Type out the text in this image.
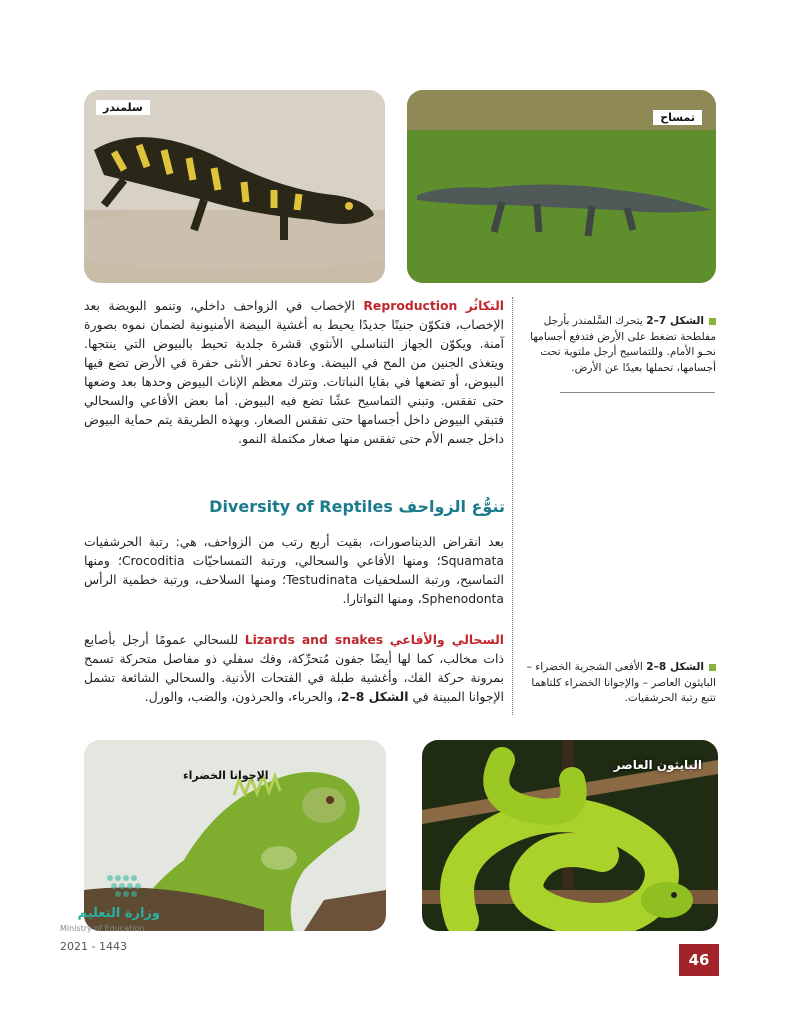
سلمندر
تمساح
الشكل 7–2 يتحرك السَّلمندر بأرجل مفلطحة تضغط على الأرض فتدفع أجسامها نحـو الأمام. وللتماسيح أرجل ملتوية تحت أجسامها، تحملها بعيدًا عن الأرض.

التكاثُر Reproduction الإخصاب في الزواحف داخلي، وتنمو البويضة بعد الإخصاب، فتكوّن جنينًا جديدًا يحيط به أغشية البيضة الأمنيونية لضمان نموه بصورة آمنة. ويكوّن الجهاز التناسلي الأنثوي قشرة جلدية تحيط بالبيوض التي ينتجها. ويتغذى الجنين من المح في البيضة. وعادة تحفر الأنثى حفرة في الأرض تضع فيها البيوض، أو تضعها في بقايا النباتات. وتترك معظم الإناث البيوض وحدها بعد وضعها حتى تفقس. وتبني التماسيح عشًا تضع فيه البيوض. أما بعض الأفاعي والسحالي فتبقي البيوض داخل أجسامها حتى تفقس الصغار. وبهذه الطريقة يتم حماية البيوض داخل جسم الأم حتى تفقس منها صغار مكتملة النمو.

تنوُّع الزواحف Diversity of Reptiles

بعد انقراض الديناصورات، بقيت أربع رتب من الزواحف، هي: رتبة الحرشفيات Squamata؛ ومنها الأفاعي والسحالي، ورتبة التمساحيّات Crocoditia؛ ومنها التماسيح، ورتبة السلحفيات Testudinata؛ ومنها السلاحف، ورتبة خطمية الرأس Sphenodonta، ومنها التواتارا.

السحالي والأفاعي Lizards and snakes للسحالي عمومًا أرجل بأصابع ذات مخالب، كما لها أيضًا جفون مُتحرِّكة، وفك سفلي ذو مفاصل متحركة تسمح بمرونة حركة الفك، وأغشية طبلة في الفتحات الأذنية. والسحالي الشائعة تشمل الإجوانا المبينة في الشكل 8–2، والحرباء، والحرذون، والضب، والورل.

الشكل 8–2 الأفعى الشجرية الخضراء –البايثون العاصر – والإجوانا الخضراء كلتاهما تتبع رتبة الحرشفيات.
الإجوانا الخضراء
البايثون العاصر
وزارة التعليم
Ministry of Education
2021 - 1443
46
